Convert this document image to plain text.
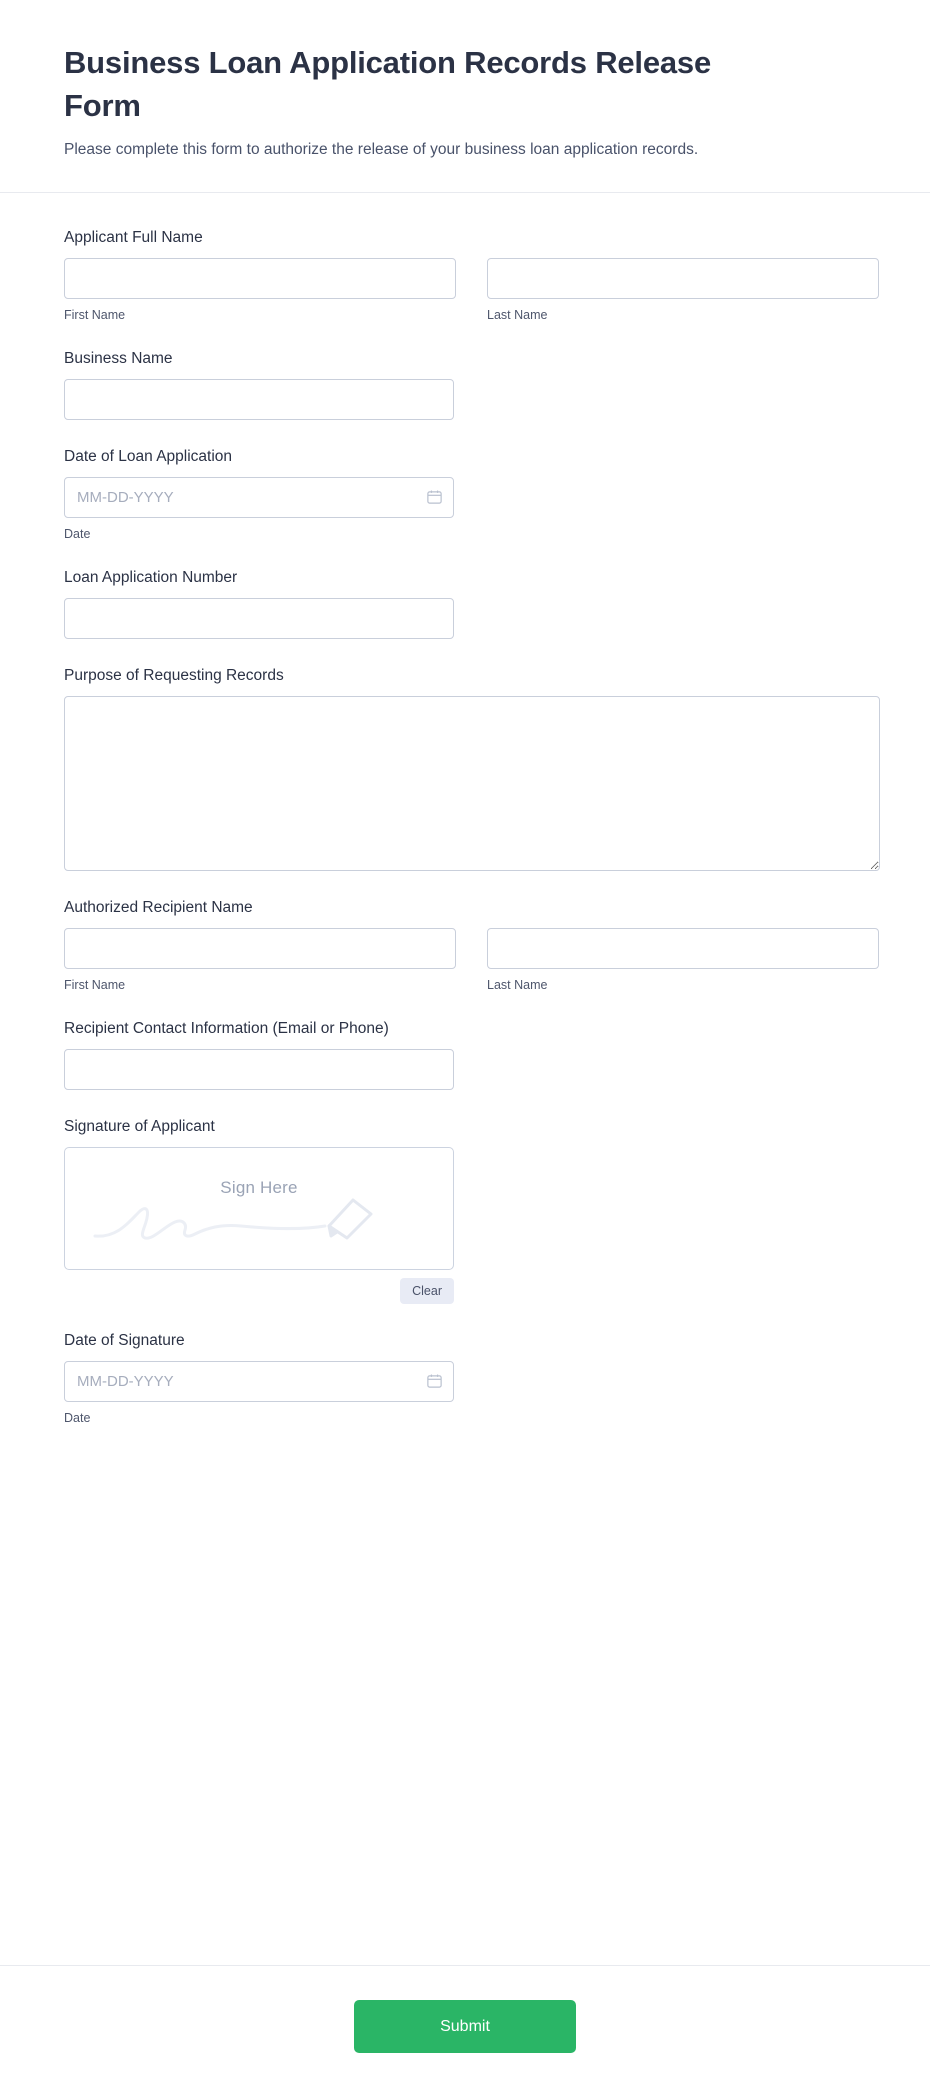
Business Loan Application Records Release Form

Please complete this form to authorize the release of your business loan application records.

Applicant Full Name
First Name	Last Name
Business Name
Date of Loan Application
MM-DD-YYYY
Date
Loan Application Number
Purpose of Requesting Records
Authorized Recipient Name
First Name	Last Name
Recipient Contact Information (Email or Phone)
Signature of Applicant
Sign Here
Clear
Date of Signature
MM-DD-YYYY
Date
Submit
